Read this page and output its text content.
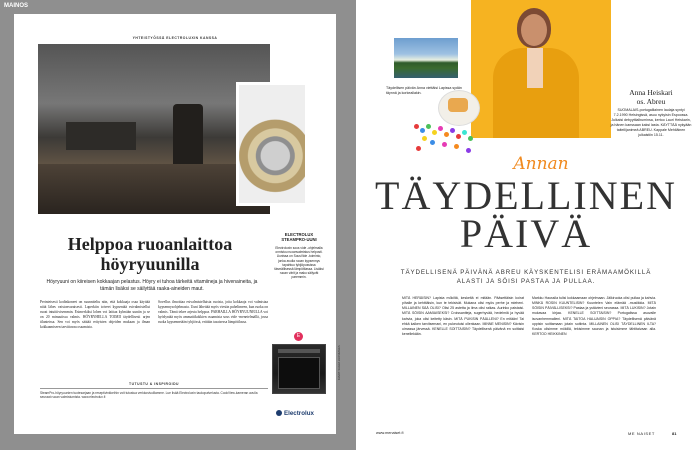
MAINOS
YHTEISTYÖSSÄ ELECTROLUXIN KANSSA
Helppoa ruoanlaittoa höyryuunilla
Höyryuuni on kiireisen kokkaajan pelastus. Höyry ei tuhoa tärkeitä vitamiineja ja hivenaineita, ja tämän lisäksi se säilyttää raaka-aineiden maut.
Perinteisesti kodinkoneet on suunniteltu niin, että kokkaaja osaa käyttää niitä lähes vaistonvaraisesti. Laperkiin toiveet kypsentää esivalmistellut ruoat intuitiivisemmin. Esimerkiksi lohen voi laittaa kylmään uuniin ja se on 20 minuutissa valmis. HÖYRYHELLA TOIMII täydellisesti arjen tilanteissa. Sen voi myös säätää erityisten ohjeiden mukaan ja ilman kokkaamiseen tarvittavaa osaamista.
Sovellus ilmoittaa esivalmistelluista ruoista, joita kokkaaja voi valmistaa kypsennysohjelmasta. Uuni lähettää myös viestin puhelimeen, kun ruoka on valmis. Tämä tekee arjesta helppoa. PARHAILLA HÖYRYUUNEILLA voi hyödyntää myös ammattikokkien osaamista sous vide -menetelmällä, jossa ruoka kypsennetään tyhjiössä, erittäin tasaisessa lämpötilassa.
ELECTROLUX STEAMPRO-UUNI
Electroluxin sous vide -ohjelmalla onnistuu ruoanvalmistus helposti. Uunissa on SousVide -toiminto, jonka avulla ruoan kypsennys tapahtuu tyhjiöpussissa täsmällisessä lämpötilassa. Lisäksi ruoan värit ja maku säilyvät paremmin.
E
TUTUSTU & INSPIROIDU
SteamPro-höyryuunien tuotesarjaan ja reseptivinkkeihin voit tutustua verkkosivuillamme. Lue lisää Electroluxin taukopalvelusta. CookView-kameran avulla seuraat ruoan valmistumista. www.electrolux.fi
Electrolux
Täydellisen päivän Anna viettäisi Lapissa sydän täynnä ja korkeallakin.	Anna Heiskari
os. Abreu
SUOMALAIS-portugalilainen laulaja syntyi 7.2.1990 Helsingissä, asuu nykyisin Espoossa. Julkaisi debyyttialbuminsa, kertoo Lauri Heiskarin, ja hänen kanssaan kaksi lasta. KÄYTTÄÄ nykyään taiteilijanimeä ABREU. Kappale Mehiläinen julkaistiin 15.11.
Annan
TÄYDELLINEN
PÄIVÄ
TÄYDELLISENÄ PÄIVÄNÄ ABREU KÄYSKENTELISI ERÄMAAMÖKILLÄ ALASTI JA SÖISI PASTAA JA PULLAA.
MITÄ HERÄISIN? Lapista mökiltä, keskeltä ei mitään. Pääsettäisin koirat pihalle ja kehittäisin, kun te tekisivät. Mukana olisi myös perhe ja mieheni. MILLAINEN SÄÄ OLISI? Olisi 25 astetta ja ilma olisi raikas. Aurinko paistaisi. MITÄ SÖISIN AAMIAISEKSI? Croissantteja, sugerhyvää, hedelmiä ja hyvää kahvia, joka olisi keitetty käsin. MITÄ PUKISIN PÄÄLLENI? En mitään! Tai ehkä kaiken tarvitsemani, en pukeutuisi ollenkaan. MINNE MENISIN? Kävisin uimassa järvessä. KENELLE SOITTAISIN? Täydellisenä päivänä en soittaisi kenellekään.
Markku Haussila tulisi kokkaamaan ohjelmaan. Jälkiruoka olisi pullaa ja kahvia. MINKÄ ROSIN KUUNTELISIN? Kuuntelen Vain elämää -musiikkia. MITÄ SÖISIN PÄIVÄLLISEKSI? Pastaa ja ystävieni seurassa. MITÄ LUKISIN? Jotain mukavaa kirjaa. KENELLE SOITTAISIN? Portugalissa asuvalle isovanhemmalleni. MITÄ TAITOA HALUAISIN OPPIA? Täydellisenä päivänä oppisin soittamaan jotain soitinta. MILLAINEN OLISI TÄYDELLINEN ILTA? Koska olisimme mökillä, tekisimme saunan ja istuisimme tähtitaivaan alla. KERTOO HEIKKINEN
KUVAT: SAARA LUOSKANEN
www.menaiset.fi	ME NAISET	81
